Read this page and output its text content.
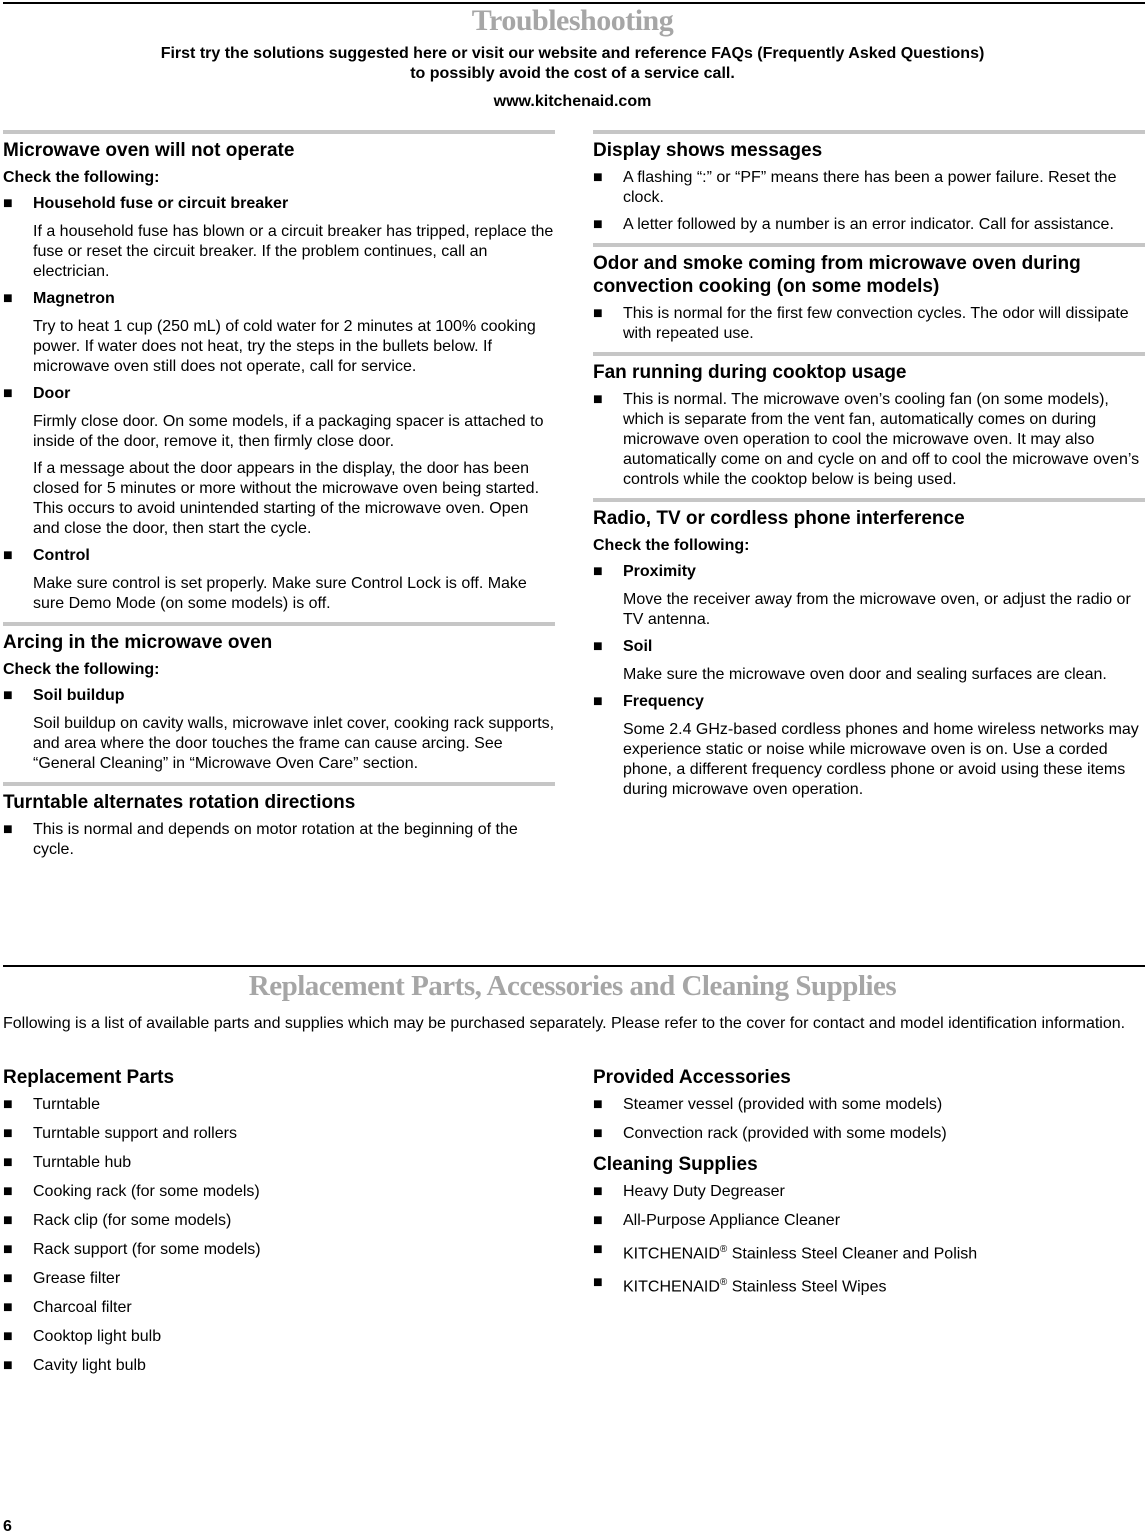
Troubleshooting
First try the solutions suggested here or visit our website and reference FAQs (Frequently Asked Questions)
to possibly avoid the cost of a service call.
www.kitchenaid.com
Microwave oven will not operate
Check the following:
■ Household fuse or circuit breaker
If a household fuse has blown or a circuit breaker has tripped, replace the fuse or reset the circuit breaker. If the problem continues, call an electrician.
■ Magnetron
Try to heat 1 cup (250 mL) of cold water for 2 minutes at 100% cooking power. If water does not heat, try the steps in the bullets below. If microwave oven still does not operate, call for service.
■ Door
Firmly close door. On some models, if a packaging spacer is attached to inside of the door, remove it, then firmly close door.
If a message about the door appears in the display, the door has been closed for 5 minutes or more without the microwave oven being started. This occurs to avoid unintended starting of the microwave oven. Open and close the door, then start the cycle.
■ Control
Make sure control is set properly. Make sure Control Lock is off. Make sure Demo Mode (on some models) is off.
Arcing in the microwave oven
Check the following:
■ Soil buildup
Soil buildup on cavity walls, microwave inlet cover, cooking rack supports, and area where the door touches the frame can cause arcing. See “General Cleaning” in “Microwave Oven Care” section.
Turntable alternates rotation directions
■ This is normal and depends on motor rotation at the beginning of the cycle.
Display shows messages
■ A flashing “:” or “PF” means there has been a power failure. Reset the clock.
■ A letter followed by a number is an error indicator. Call for assistance.
Odor and smoke coming from microwave oven during convection cooking (on some models)
■ This is normal for the first few convection cycles. The odor will dissipate with repeated use.
Fan running during cooktop usage
■ This is normal. The microwave oven’s cooling fan (on some models), which is separate from the vent fan, automatically comes on during microwave oven operation to cool the microwave oven. It may also automatically come on and cycle on and off to cool the microwave oven’s controls while the cooktop below is being used.
Radio, TV or cordless phone interference
Check the following:
■ Proximity
Move the receiver away from the microwave oven, or adjust the radio or TV antenna.
■ Soil
Make sure the microwave oven door and sealing surfaces are clean.
■ Frequency
Some 2.4 GHz-based cordless phones and home wireless networks may experience static or noise while microwave oven is on. Use a corded phone, a different frequency cordless phone or avoid using these items during microwave oven operation.
Replacement Parts, Accessories and Cleaning Supplies
Following is a list of available parts and supplies which may be purchased separately. Please refer to the cover for contact and model identification information.
Replacement Parts
■ Turntable
■ Turntable support and rollers
■ Turntable hub
■ Cooking rack (for some models)
■ Rack clip (for some models)
■ Rack support (for some models)
■ Grease filter
■ Charcoal filter
■ Cooktop light bulb
■ Cavity light bulb
Provided Accessories
■ Steamer vessel (provided with some models)
■ Convection rack (provided with some models)
Cleaning Supplies
■ Heavy Duty Degreaser
■ All-Purpose Appliance Cleaner
■ KITCHENAID® Stainless Steel Cleaner and Polish
■ KITCHENAID® Stainless Steel Wipes
6
